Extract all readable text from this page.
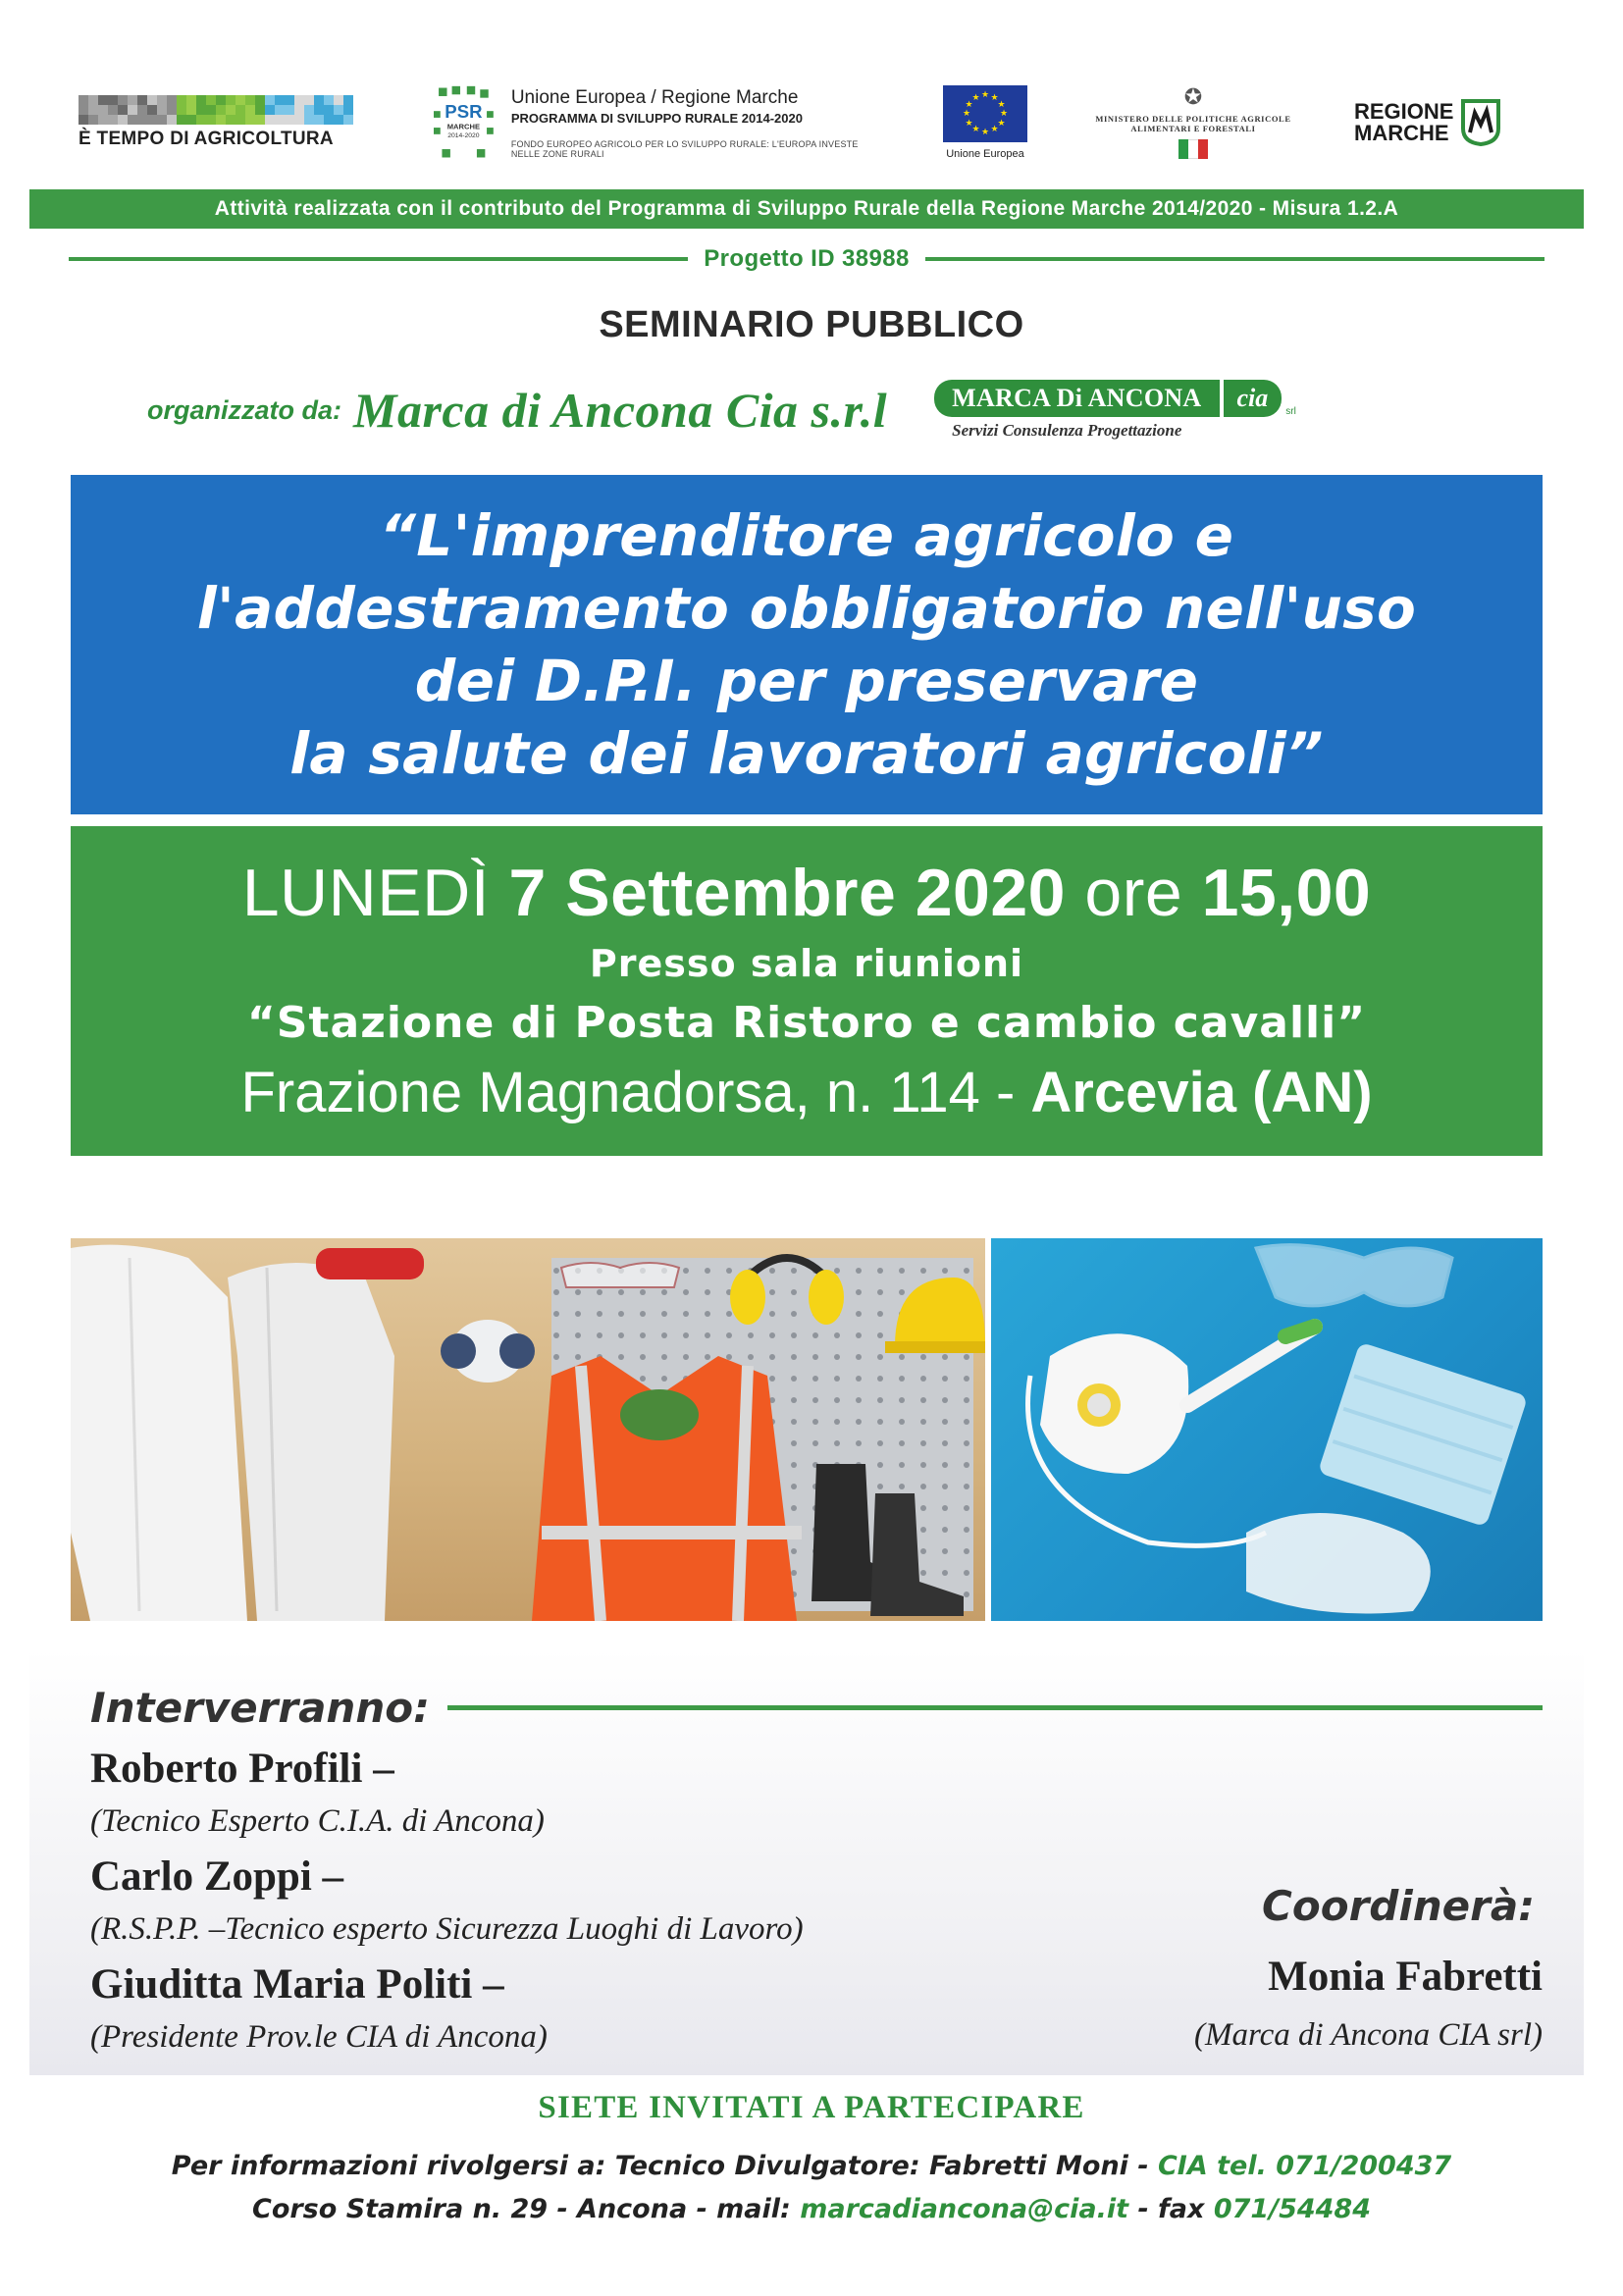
È TEMPO DI AGRICOLTURA
PSR
MARCHE
2014-2020
Unione Europea / Regione Marche
PROGRAMMA DI SVILUPPO RURALE 2014-2020
FONDO EUROPEO AGRICOLO PER LO SVILUPPO RURALE: L'EUROPA INVESTE NELLE ZONE RURALI
★
★
★
★
★
★
★
★
★ ★ ★
★
Unione Europea
✪
MINISTERO DELLE POLITICHE AGRICOLE
ALIMENTARI E FORESTALI
REGIONE
MARCHE
Attività realizzata con il contributo del Programma di Sviluppo Rurale della Regione Marche 2014/2020 - Misura 1.2.A
Progetto ID 38988
SEMINARIO PUBBLICO
organizzato da: Marca di Ancona Cia s.r.l	MARCA Di ANCONA	cia	srl
Servizi Consulenza Progettazione
“L'imprenditore agricolo e
l'addestramento obbligatorio nell'uso
dei D.P.I. per preservare
la salute dei lavoratori agricoli”
LUNEDÌ 7 Settembre 2020 ore 15,00
Presso sala riunioni
“Stazione di Posta Ristoro e cambio cavalli”
Frazione Magnadorsa, n. 114 - Arcevia (AN)
Interverranno:
Roberto Profili –
(Tecnico Esperto C.I.A. di Ancona)
Carlo Zoppi –
(R.S.P.P. –Tecnico esperto Sicurezza Luoghi di Lavoro)
Giuditta Maria Politi –
(Presidente Prov.le CIA di Ancona)
Coordinerà:
Monia Fabretti
(Marca di Ancona CIA srl)
SIETE INVITATI A PARTECIPARE
Per informazioni rivolgersi a: Tecnico Divulgatore: Fabretti Moni - CIA tel. 071/200437
Corso Stamira n. 29 - Ancona - mail: marcadiancona@cia.it - fax 071/54484
